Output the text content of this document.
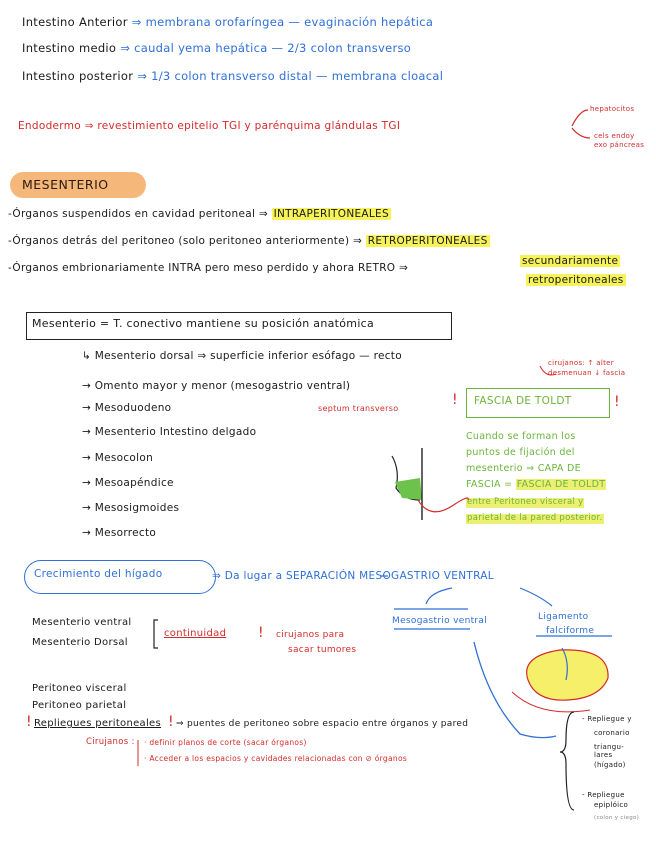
Intestino Anterior ⇒ membrana orofaríngea — evaginación hepática
Intestino medio ⇒ caudal yema hepática — 2/3 colon transverso
Intestino posterior ⇒ 1/3 colon transverso distal — membrana cloacal
Endodermo ⇒ revestimiento epitelio TGI y parénquima glándulas TGI
hepatocitos
cels endoy
exo páncreas
MESENTERIO
-Órganos suspendidos en cavidad peritoneal ⇒ INTRAPERITONEALES
-Órganos detrás del peritoneo (solo peritoneo anteriormente) ⇒ RETROPERITONEALES
-Órganos embrionariamente INTRA pero meso perdido y ahora RETRO ⇒
secundariamente
retroperitoneales
Mesenterio = T. conectivo mantiene su posición anatómica
↳ Mesenterio dorsal ⇒ superficie inferior esófago — recto
→ Omento mayor y menor (mesogastrio ventral)
septum transverso
→ Mesoduodeno
→ Mesenterio Intestino delgado
→ Mesocolon
→ Mesoapéndice
→ Mesosigmoides
→ Mesorrecto
cirujanos: ↑ alter
desmenuan ↓ fascia
FASCIA DE TOLDT
!	!
Cuando se forman los
puntos de fijación del
mesenterio ⇒ CAPA DE
FASCIA = FASCIA DE TOLDT
entre Peritoneo visceral y
parietal de la pared posterior.
Crecimiento del hígado	⇒ Da lugar a SEPARACIÓN MESOGASTRIO VENTRAL
Mesogastrio ventral	Ligamento
falciforme
Mesenterio ventral
Mesenterio Dorsal
continuidad ! cirujanos para
sacar tumores
Peritoneo visceral
Peritoneo parietal
! Repliegues peritoneales ! ⇒ puentes de peritoneo sobre espacio entre órganos y pared
Cirujanos : · definir planos de corte (sacar órganos)
· Acceder a los espacios y cavidades relacionadas con ⊘ órganos
- Repliegue y
coronario
triangu-
lares
(hígado)
- Repliegue
epiplóico
(colon y ciego)
